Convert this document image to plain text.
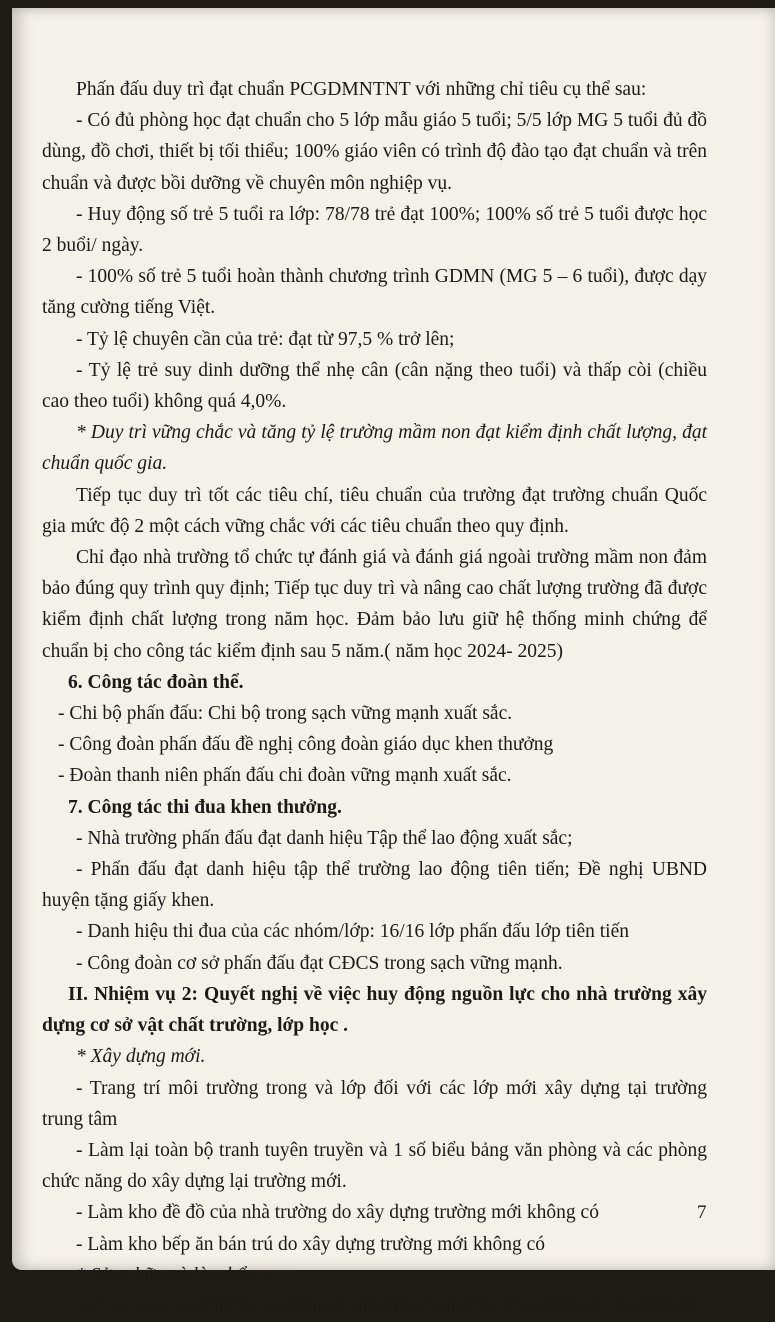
Phấn đấu duy trì đạt chuẩn PCGDMNTNT với những chỉ tiêu cụ thể sau:

- Có đủ phòng học đạt chuẩn cho 5 lớp mẫu giáo 5 tuổi; 5/5 lớp MG 5 tuổi đủ đồ dùng, đồ chơi, thiết bị tối thiểu; 100% giáo viên có trình độ đào tạo đạt chuẩn và trên chuẩn và được bồi dưỡng về chuyên môn nghiệp vụ.

- Huy động số trẻ 5 tuổi ra lớp: 78/78 trẻ đạt 100%; 100% số trẻ 5 tuổi được học 2 buổi/ ngày.

- 100% số trẻ 5 tuổi hoàn thành chương trình GDMN (MG 5 – 6 tuổi), được dạy tăng cường tiếng Việt.

- Tỷ lệ chuyên cần của trẻ: đạt từ 97,5 % trở lên;

- Tỷ lệ trẻ suy dinh dưỡng thể nhẹ cân (cân nặng theo tuổi) và thấp còi (chiều cao theo tuổi) không quá 4,0%.

* Duy trì vững chắc và tăng tỷ lệ trường mầm non đạt kiểm định chất lượng, đạt chuẩn quốc gia.

Tiếp tục duy trì tốt các tiêu chí, tiêu chuẩn của trường đạt trường chuẩn Quốc gia mức độ 2 một cách vững chắc với các tiêu chuẩn theo quy định.

Chỉ đạo nhà trường tổ chức tự đánh giá và đánh giá ngoài trường mầm non đảm bảo đúng quy trình quy định; Tiếp tục duy trì và nâng cao chất lượng trường đã được kiểm định chất lượng trong năm học. Đảm bảo lưu giữ hệ thống minh chứng để chuẩn bị cho công tác kiểm định sau 5 năm.( năm học 2024- 2025)

6. Công tác đoàn thể.

- Chi bộ phấn đấu: Chi bộ trong sạch vững mạnh xuất sắc.

- Công đoàn phấn đấu đề nghị công đoàn giáo dục khen thưởng

- Đoàn thanh niên phấn đấu chi đoàn vững mạnh xuất sắc.

7. Công tác thi đua khen thưởng.

- Nhà trường phấn đấu đạt danh hiệu Tập thể lao động xuất sắc;

- Phấn đấu đạt danh hiệu tập thể trường lao động tiên tiến; Đề nghị UBND huyện tặng giấy khen.

- Danh hiệu thi đua của các nhóm/lớp: 16/16 lớp phấn đấu lớp tiên tiến

- Công đoàn cơ sở phấn đấu đạt CĐCS trong sạch vững mạnh.

II. Nhiệm vụ 2: Quyết nghị về việc huy động nguồn lực cho nhà trường xây dựng cơ sở vật chất trường, lớp học .

* Xây dựng mới.

- Trang trí môi trường trong và lớp đối với các lớp mới xây dựng tại trường trung tâm

- Làm lại toàn bộ tranh tuyên truyền và 1 số biểu bảng văn phòng và các phòng chức năng do xây dựng lại trường mới.

- Làm kho đề đồ của nhà trường do xây dựng trường mới không có

- Làm kho bếp ăn bán trú do xây dựng trường mới không có

* Sửa chữa và làm bổ sung:

+ Quét vôi ve tường bao, tường các lớp học tại trường trung tâm và các điểm lẻ

7
